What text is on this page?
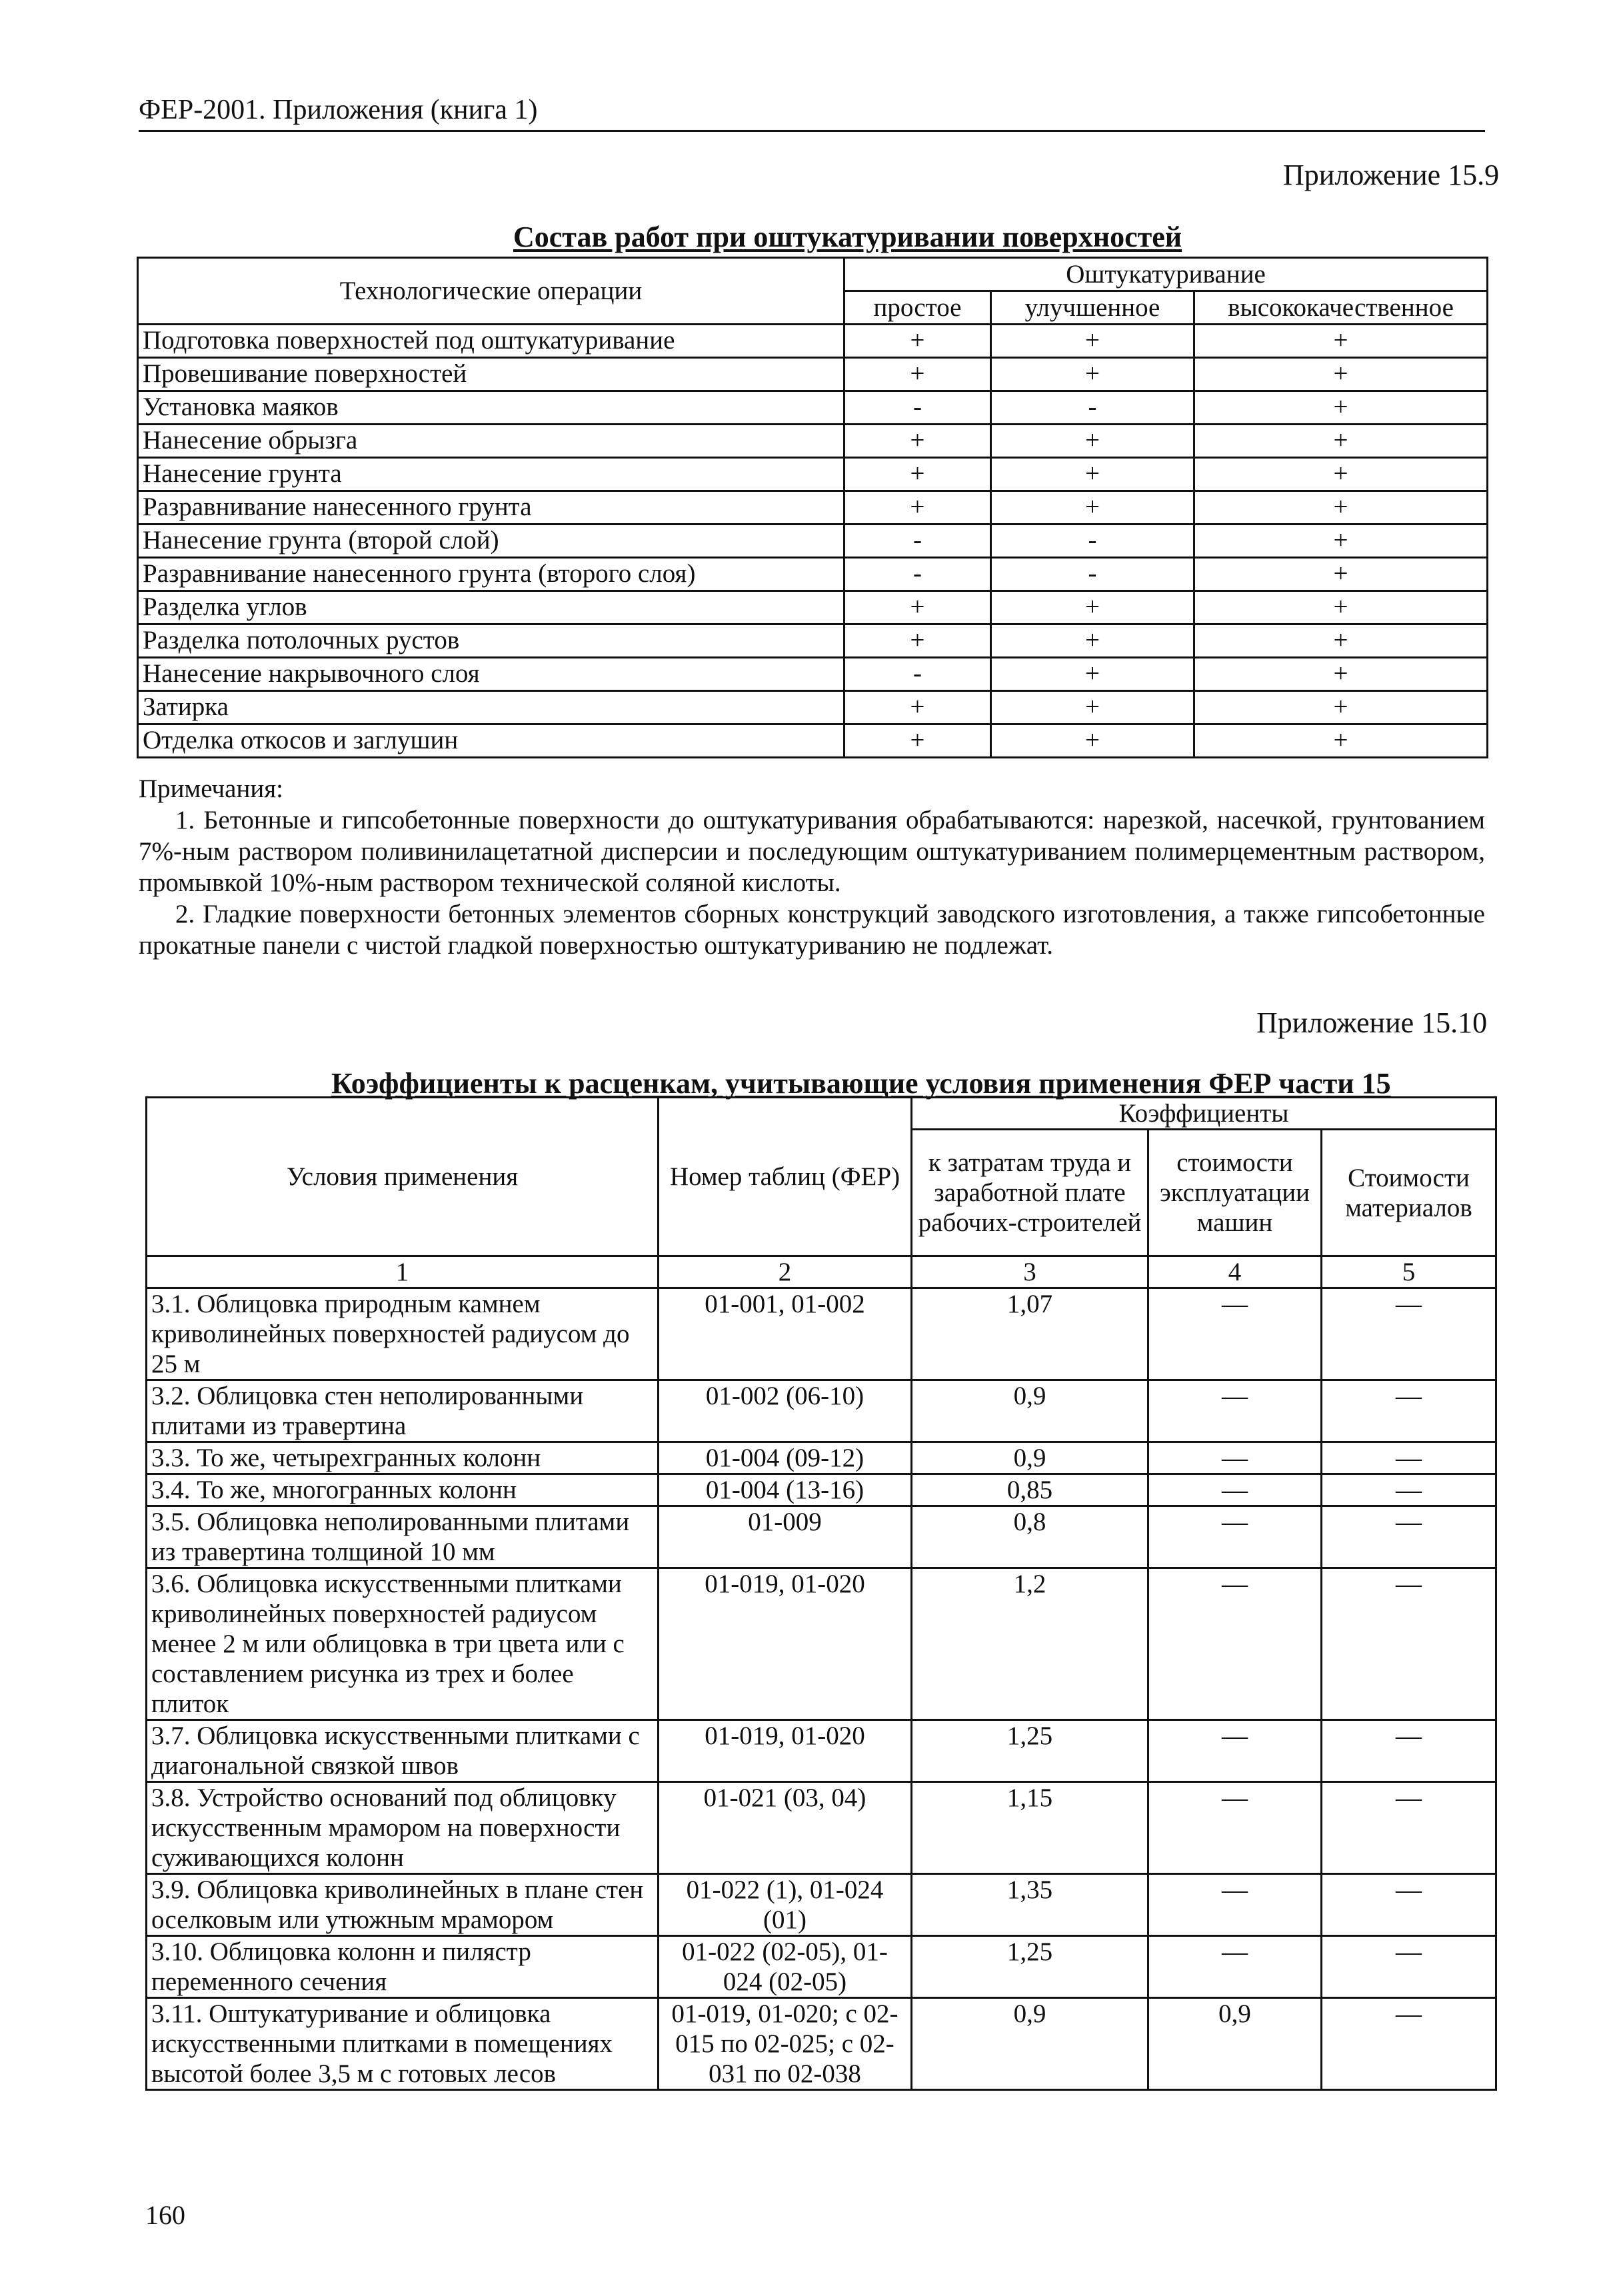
ФЕР-2001. Приложения (книга 1)
Приложение 15.9
Состав работ при оштукатуривании поверхностей
Технологические операции	Оштукатуривание		
	простое	улучшенное	высококачественное
Подготовка поверхностей под оштукатуривание	+	+	+
Провешивание поверхностей	+	+	+
Установка маяков	-	-	+
Нанесение обрызга	+	+	+
Нанесение грунта	+	+	+
Разравнивание нанесенного грунта	+	+	+
Нанесение грунта (второй слой)	-	-	+
Разравнивание нанесенного грунта (второго слоя)	-	-	+
Разделка углов	+	+	+
Разделка потолочных рустов	+	+	+
Нанесение накрывочного слоя	-	+	+
Затирка	+	+	+
Отделка откосов и заглушин	+	+	+

Примечания:

1. Бетонные и гипсобетонные поверхности до оштукатуривания обрабатываются: нарезкой, насечкой, грунтованием 7%-ным раствором поливинилацетатной дисперсии и последующим оштукатуриванием полимерцементным раствором, промывкой 10%-ным раствором технической соляной кислоты.

2. Гладкие поверхности бетонных элементов сборных конструкций заводского изготовления, а также гипсобетонные прокатные панели с чистой гладкой поверхностью оштукатуриванию не подлежат.

Приложение 15.10
Коэффициенты к расценкам, учитывающие условия применения ФЕР части 15
Условия применения	Номер таблиц (ФЕР)	Коэффициенты		
		к затратам труда и заработной плате рабочих-строителей	стоимости эксплуатации машин	Стоимости материалов
1	2	3	4	5
3.1. Облицовка природным камнем криволинейных поверхностей радиусом до 25 м	01-001, 01-002	1,07	—	—
3.2. Облицовка стен неполированными плитами из травертина	01-002 (06-10)	0,9	—	—
3.3. То же, четырехгранных колонн	01-004 (09-12)	0,9	—	—
3.4. То же, многогранных колонн	01-004 (13-16)	0,85	—	—
3.5. Облицовка неполированными плитами из травертина толщиной 10 мм	01-009	0,8	—	—
3.6. Облицовка искусственными плитками криволинейных поверхностей радиусом менее 2 м или облицовка в три цвета или с составлением рисунка из трех и более плиток	01-019, 01-020	1,2	—	—
3.7. Облицовка искусственными плитками с диагональной связкой швов	01-019, 01-020	1,25	—	—
3.8. Устройство оснований под облицовку искусственным мрамором на поверхности суживающихся колонн	01-021 (03, 04)	1,15	—	—
3.9. Облицовка криволинейных в плане стен оселковым или утюжным мрамором	01-022 (1), 01-024 (01)	1,35	—	—
3.10. Облицовка колонн и пилястр переменного сечения	01-022 (02-05), 01-024 (02-05)	1,25	—	—
3.11. Оштукатуривание и облицовка искусственными плитками в помещениях высотой более 3,5 м с готовых лесов	01-019, 01-020; с 02-015 по 02-025; с 02-031 по 02-038	0,9	0,9	—
160
